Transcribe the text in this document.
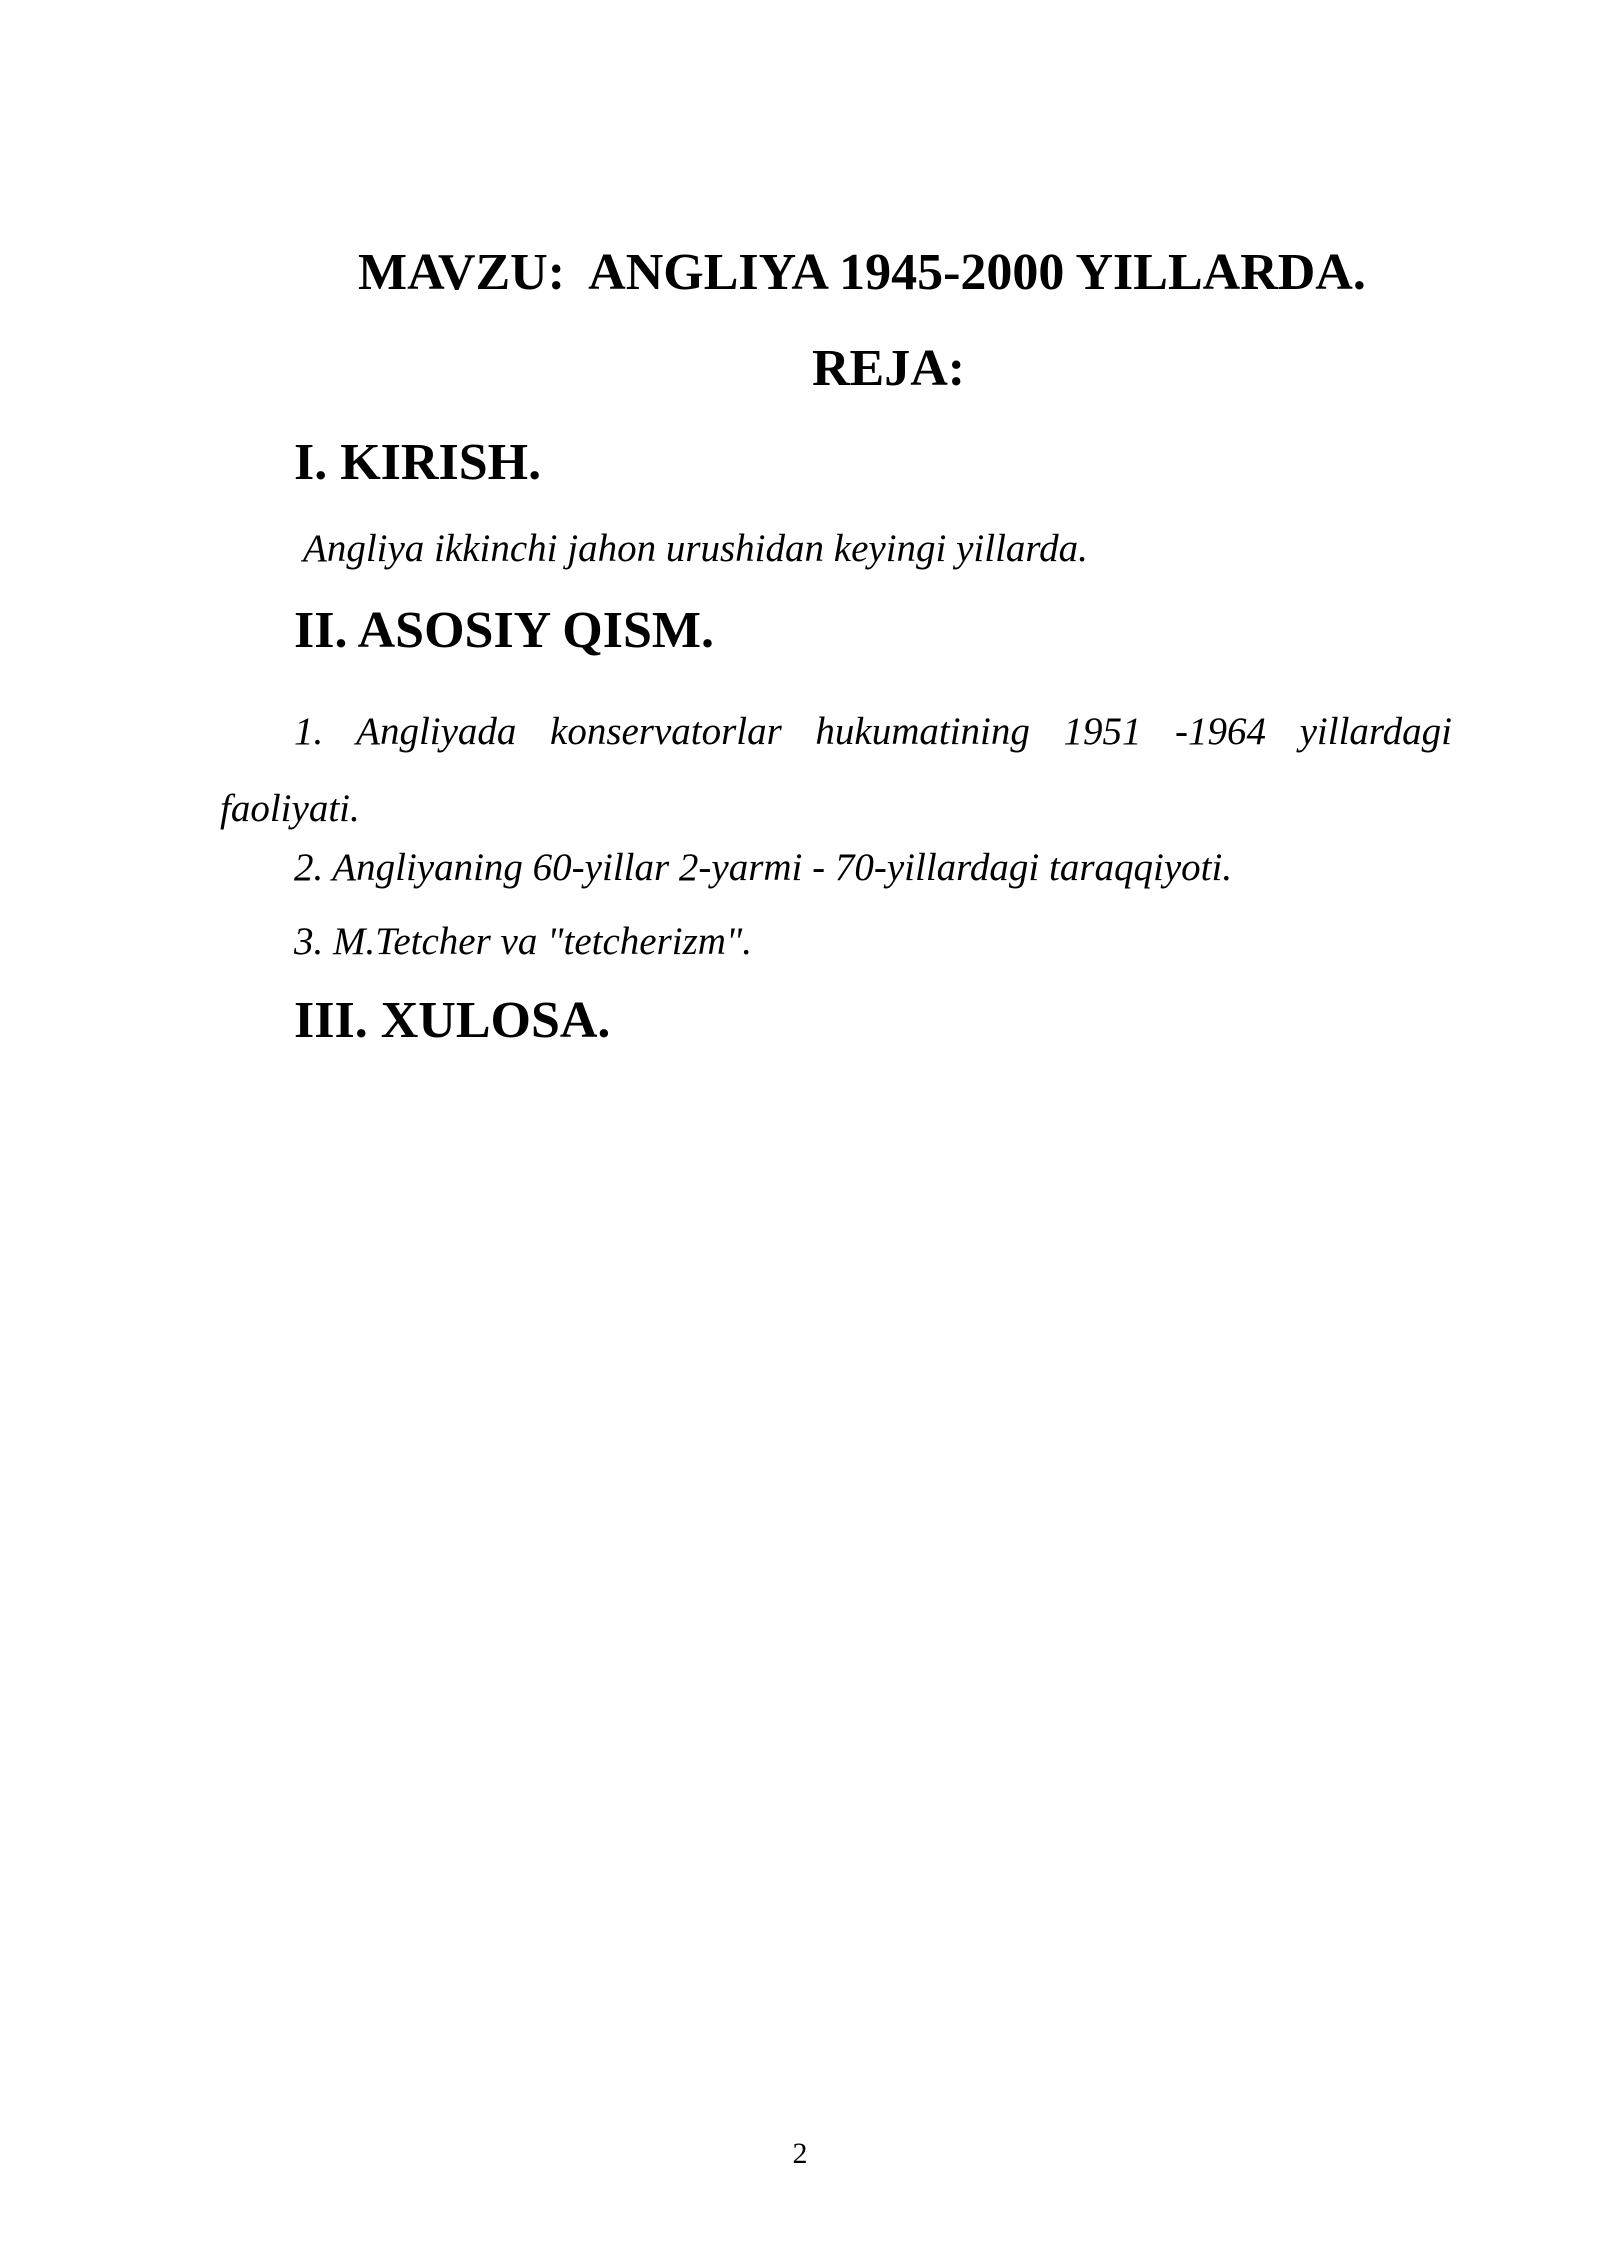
MAVZU:  ANGLIYA 1945-2000 YILLARDA.
REJA:
I. KIRISH.
Angliya ikkinchi jahon urushidan keyingi yillarda.
II. ASOSIY QISM.
1. Angliyada konservatorlar hukumatining 1951 -1964 yillardagi faoliyati.
2. Angliyaning 60-yillar 2-yarmi - 70-yillardagi taraqqiyoti.
3. M.Tetcher va "tetcherizm".
III. XULOSA.
2
